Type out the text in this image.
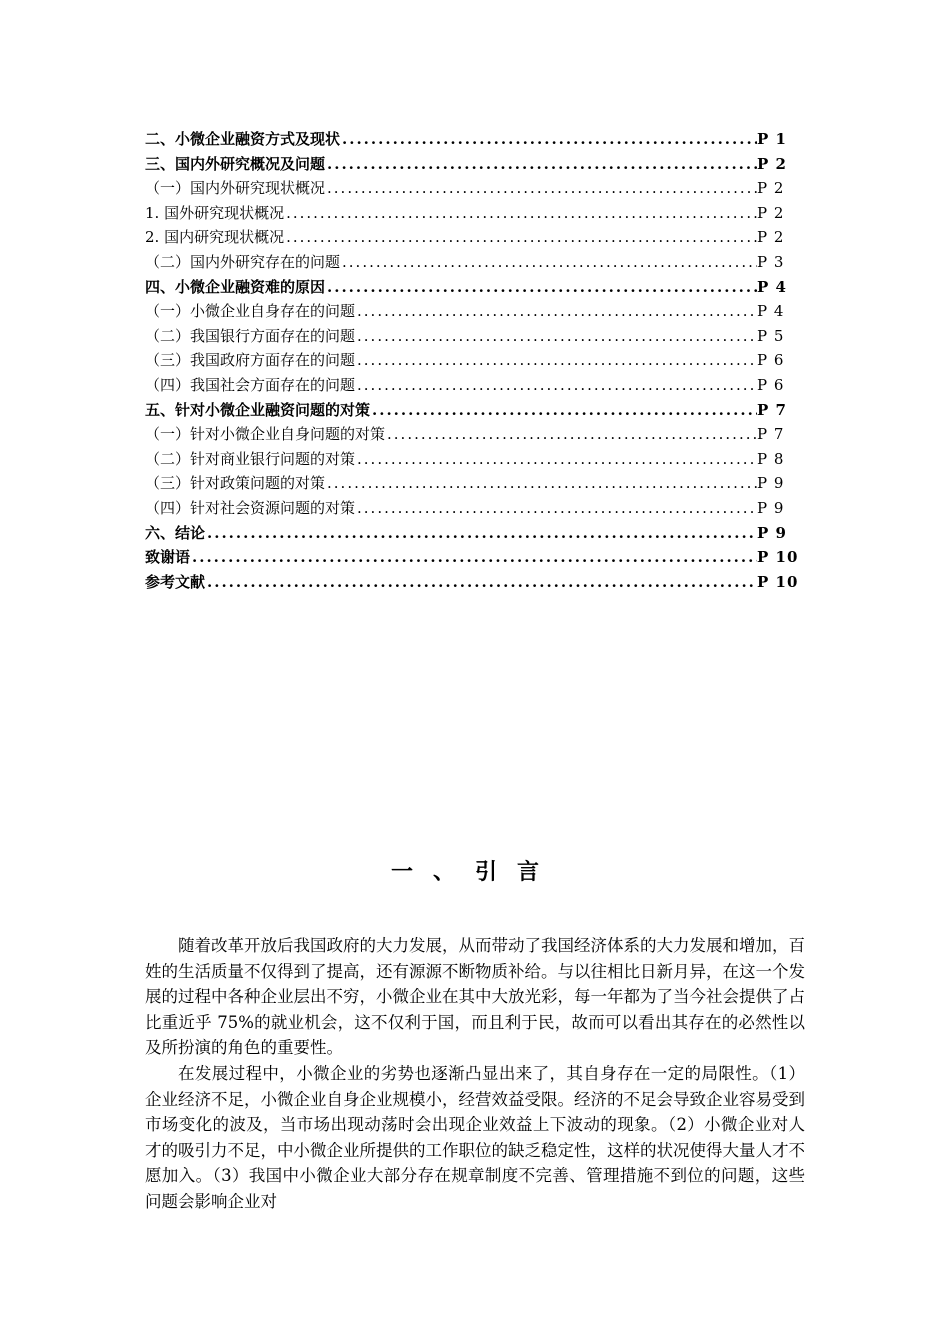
二、小微企业融资方式及现状 .....	P 1
三、国内外研究概况及问题 .....	P 2
（一）国内外研究现状概况 .....	P 2
1. 国外研究现状概况 .....	P 2
2. 国内研究现状概况 .....	P 2
（二）国内外研究存在的问题 .....	P 3
四、小微企业融资难的原因 .....	P 4
（一）小微企业自身存在的问题 .....	P 4
（二）我国银行方面存在的问题 .....	P 5
（三）我国政府方面存在的问题 .....	P 6
（四）我国社会方面存在的问题 .....	P 6
五、针对小微企业融资问题的对策 .....	P 7
（一）针对小微企业自身问题的对策 .....	P 7
（二）针对商业银行问题的对策 .....	P 8
（三）针对政策问题的对策 .....	P 9
（四）针对社会资源问题的对策 .....	P 9
六、结论 .....	P 9
致谢语 .....	P 10
参考文献 .....	P 10
一、引言

随着改革开放后我国政府的大力发展，从而带动了我国经济体系的大力发展和增加，百姓的生活质量不仅得到了提高，还有源源不断物质补给。与以往相比日新月异，在这一个发展的过程中各种企业层出不穷，小微企业在其中大放光彩，每一年都为了当今社会提供了占比重近乎 75%的就业机会，这不仅利于国，而且利于民，故而可以看出其存在的必然性以及所扮演的角色的重要性。

在发展过程中，小微企业的劣势也逐渐凸显出来了，其自身存在一定的局限性。（1）企业经济不足，小微企业自身企业规模小，经营效益受限。经济的不足会导致企业容易受到市场变化的波及，当市场出现动荡时会出现企业效益上下波动的现象。（2）小微企业对人才的吸引力不足，中小微企业所提供的工作职位的缺乏稳定性，这样的状况使得大量人才不愿加入。（3）我国中小微企业大部分存在规章制度不完善、管理措施不到位的问题，这些问题会影响企业对
